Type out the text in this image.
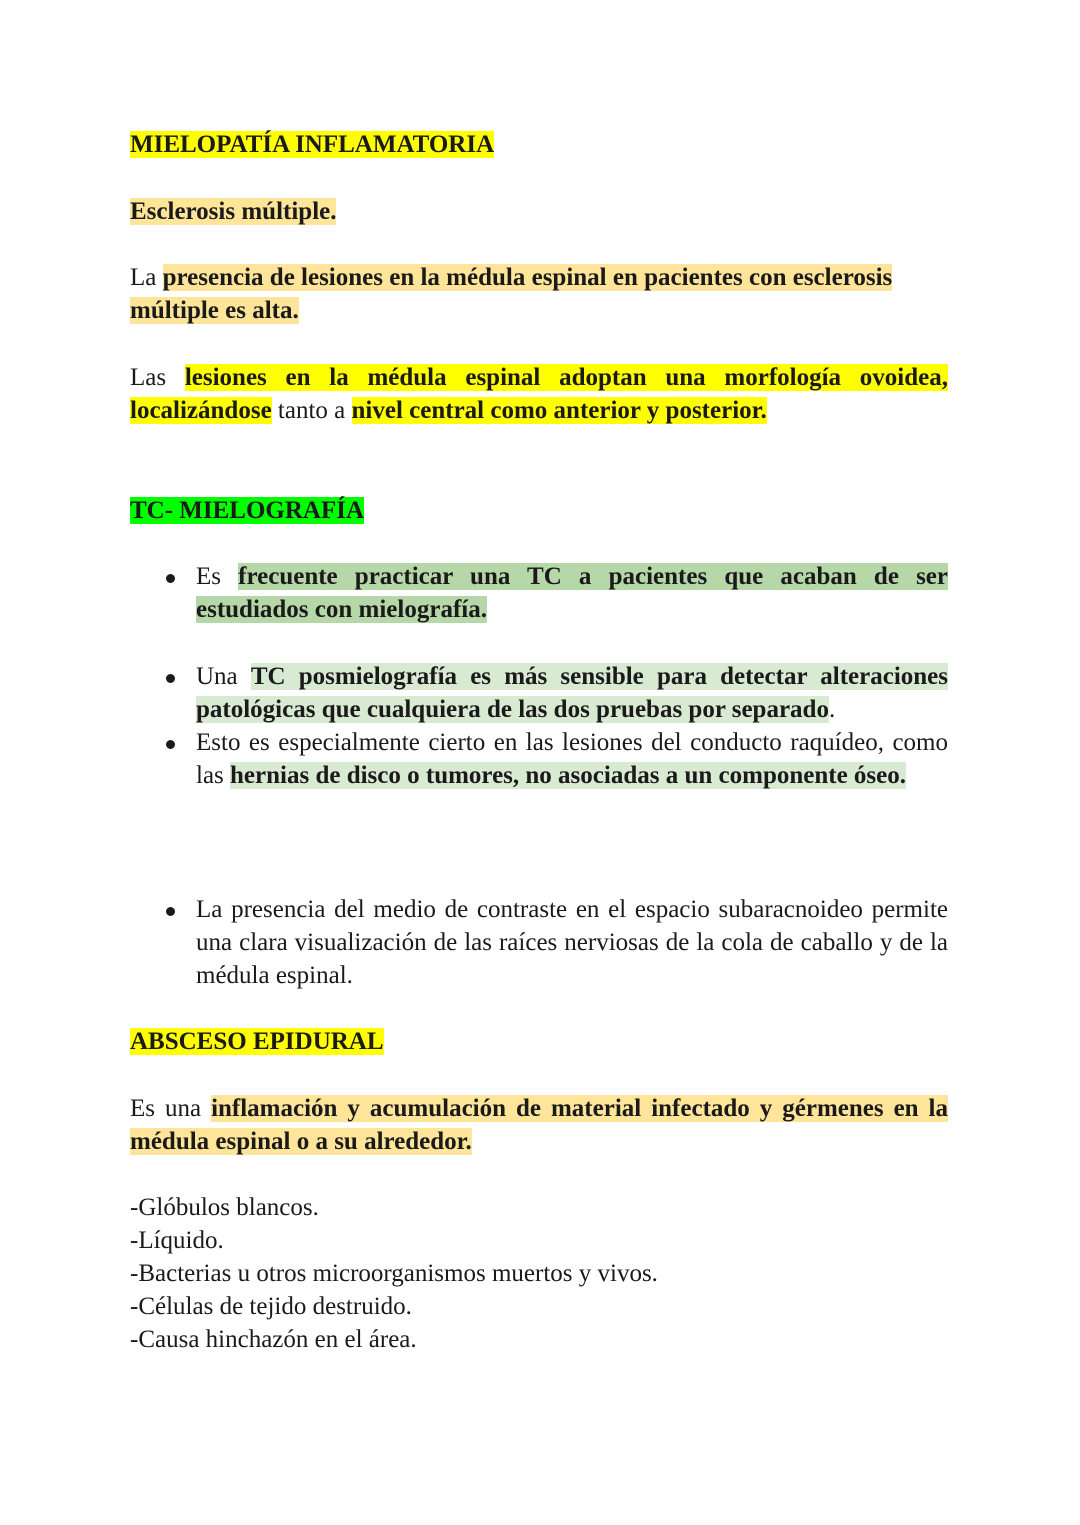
MIELOPATÍA INFLAMATORIA
Esclerosis múltiple.
La presencia de lesiones en la médula espinal en pacientes con esclerosis múltiple es alta.
Las lesiones en la médula espinal adoptan una morfología ovoidea, localizándose tanto a nivel central como anterior y posterior.
TC- MIELOGRAFÍA
Es frecuente practicar una TC a pacientes que acaban de ser estudiados con mielografía.
Una TC posmielografía es más sensible para detectar alteraciones patológicas que cualquiera de las dos pruebas por separado.
Esto es especialmente cierto en las lesiones del conducto raquídeo, como las hernias de disco o tumores, no asociadas a un componente óseo.
La presencia del medio de contraste en el espacio subaracnoideo permite una clara visualización de las raíces nerviosas de la cola de caballo y de la médula espinal.
ABSCESO EPIDURAL
Es una inflamación y acumulación de material infectado y gérmenes en la médula espinal o a su alrededor.
-Glóbulos blancos.
-Líquido.
-Bacterias u otros microorganismos muertos y vivos.
-Células de tejido destruido.
-Causa hinchazón en el área.
